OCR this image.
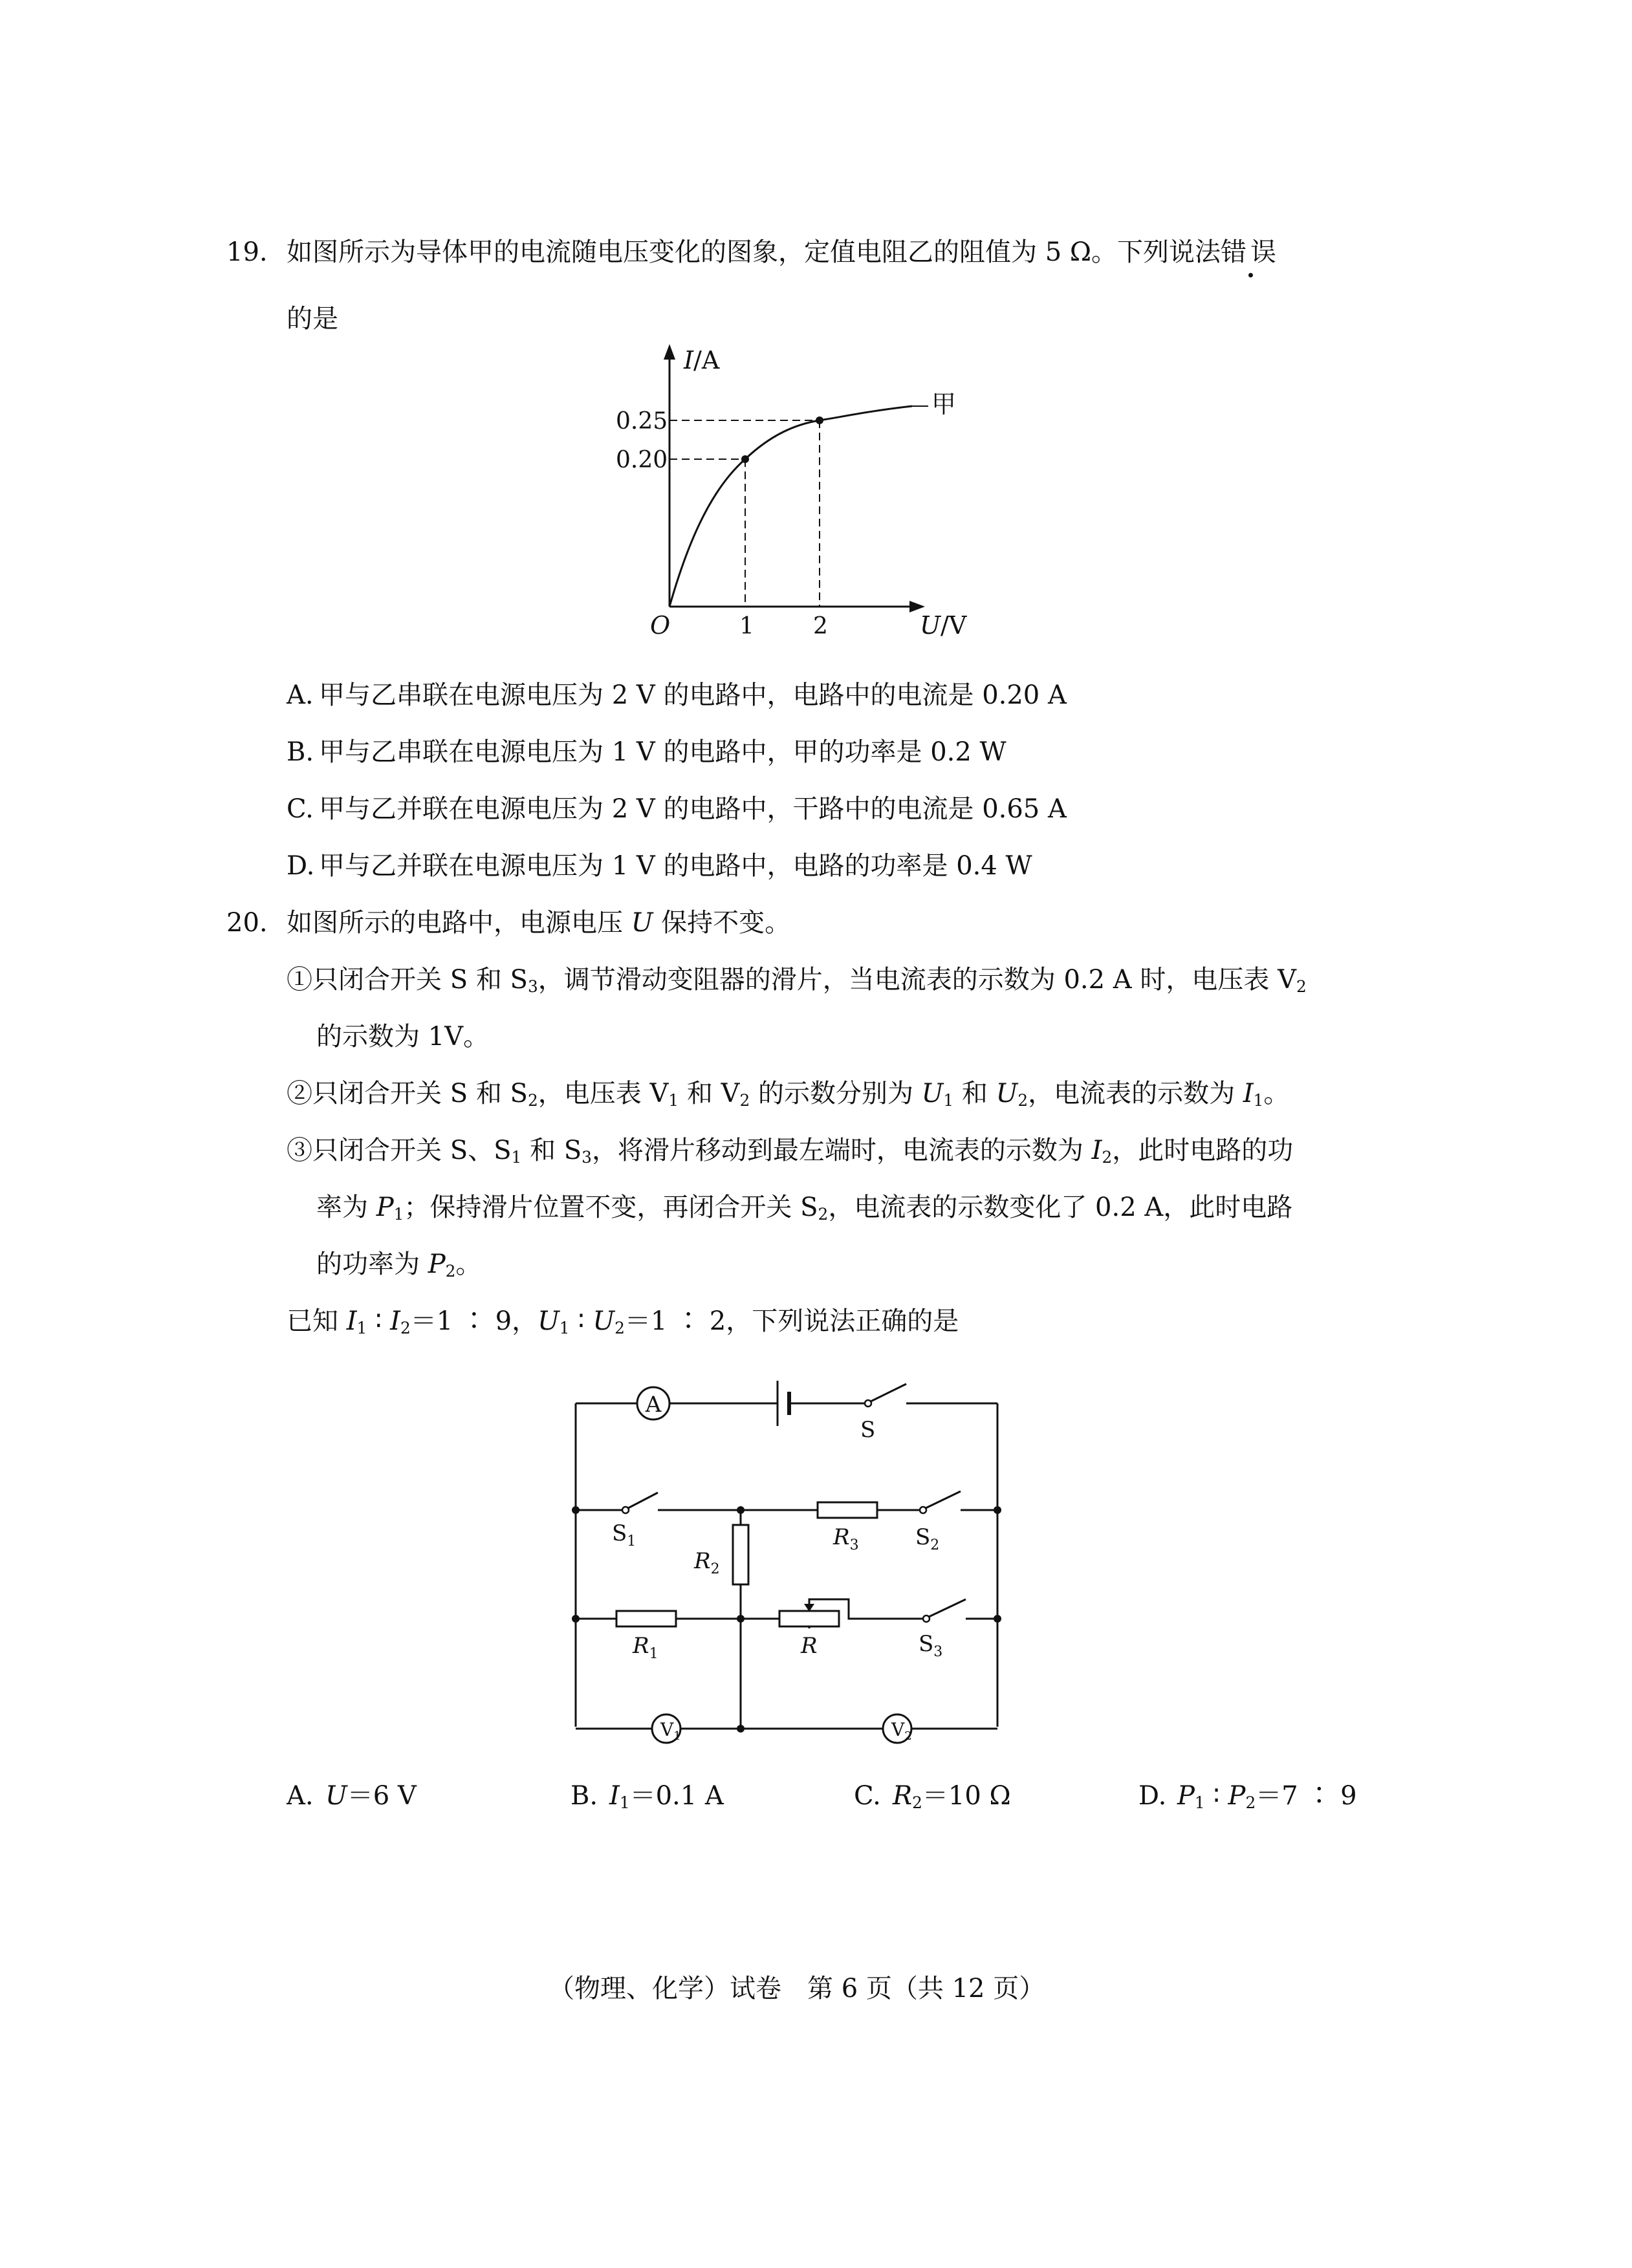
19. 如图所示为导体甲的电流随电压变化的图象，定值电阻乙的阻值为 5 Ω。下列说法错误
的是
I/A
0.25
0.20
O	1	2	U/V
甲
A. 甲与乙串联在电源电压为 2 V 的电路中，电路中的电流是 0.20 A
B. 甲与乙串联在电源电压为 1 V 的电路中，甲的功率是 0.2 W
C. 甲与乙并联在电源电压为 2 V 的电路中，干路中的电流是 0.65 A
D. 甲与乙并联在电源电压为 1 V 的电路中，电路的功率是 0.4 W
20. 如图所示的电路中，电源电压 U 保持不变。
①只闭合开关 S 和 $S_3$，调节滑动变阻器的滑片，当电流表的示数为 0.2 A 时，电压表 $V_2$
的示数为 1V。
②只闭合开关 S 和 $S_2$，电压表 $V_1$ 和 $V_2$ 的示数分别为 $U_1$ 和 $U_2$，电流表的示数为 $I_1$。
③只闭合开关 S、$S_1$ 和 $S_3$，将滑片移动到最左端时，电流表的示数为 $I_2$，此时电路的功
率为 $P_1$；保持滑片位置不变，再闭合开关 $S_2$，电流表的示数变化了 0.2 A，此时电路
的功率为 $P_2$。
已知 $I_1$ ∶ $I_2=1$ ∶ 9，$U_1$ ∶ $U_2=1$ ∶ 2，下列说法正确的是
A
S
$S_1$	$R_3$	$S_2$
$R_2$
$R_1$	R	$S_3$
$V_1$	$V_2$
A. U＝6 V	B. $I_1=0.1$ A	C. $R_2=10$ Ω	D. $P_1$ ∶ $P_2=7$ ∶ 9
（物理、化学）试卷　第 6 页（共 12 页）
